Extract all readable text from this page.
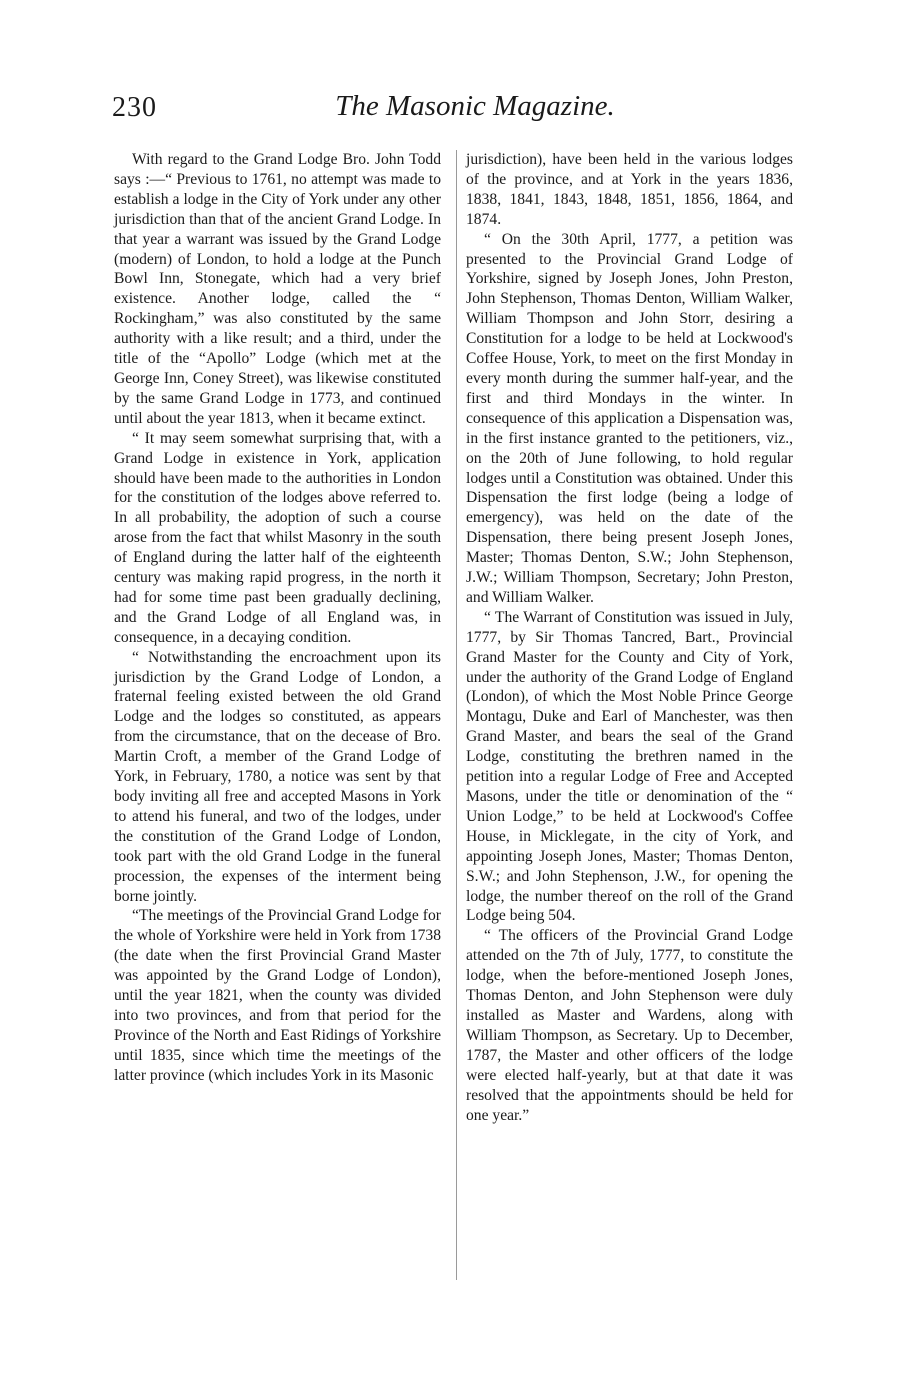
230	The Masonic Magazine.

With regard to the Grand Lodge Bro. John Todd says :—“ Previous to 1761, no attempt was made to establish a lodge in the City of York under any other jurisdiction than that of the ancient Grand Lodge. In that year a warrant was issued by the Grand Lodge (modern) of London, to hold a lodge at the Punch Bowl Inn, Stonegate, which had a very brief existence. Another lodge, called the “ Rockingham,” was also constituted by the same authority with a like result; and a third, under the title of the “Apollo” Lodge (which met at the George Inn, Coney Street), was likewise constituted by the same Grand Lodge in 1773, and continued until about the year 1813, when it became extinct.

“ It may seem somewhat surprising that, with a Grand Lodge in existence in York, application should have been made to the authorities in London for the constitution of the lodges above referred to. In all probability, the adoption of such a course arose from the fact that whilst Masonry in the south of England during the latter half of the eighteenth century was making rapid progress, in the north it had for some time past been gradually declining, and the Grand Lodge of all England was, in consequence, in a decaying condition.

“ Notwithstanding the encroachment upon its jurisdiction by the Grand Lodge of London, a fraternal feeling existed between the old Grand Lodge and the lodges so constituted, as appears from the circumstance, that on the decease of Bro. Martin Croft, a member of the Grand Lodge of York, in February, 1780, a notice was sent by that body inviting all free and accepted Masons in York to attend his funeral, and two of the lodges, under the constitution of the Grand Lodge of London, took part with the old Grand Lodge in the funeral procession, the expenses of the interment being borne jointly.

“The meetings of the Provincial Grand Lodge for the whole of Yorkshire were held in York from 1738 (the date when the first Provincial Grand Master was appointed by the Grand Lodge of London), until the year 1821, when the county was divided into two provinces, and from that period for the Province of the North and East Ridings of Yorkshire until 1835, since which time the meetings of the latter province (which includes York in its Masonic

jurisdiction), have been held in the various lodges of the province, and at York in the years 1836, 1838, 1841, 1843, 1848, 1851, 1856, 1864, and 1874.

“ On the 30th April, 1777, a petition was presented to the Provincial Grand Lodge of Yorkshire, signed by Joseph Jones, John Preston, John Stephenson, Thomas Denton, William Walker, William Thompson and John Storr, desiring a Constitution for a lodge to be held at Lockwood's Coffee House, York, to meet on the first Monday in every month during the summer half-year, and the first and third Mondays in the winter. In consequence of this application a Dispensation was, in the first instance granted to the petitioners, viz., on the 20th of June following, to hold regular lodges until a Constitution was obtained. Under this Dispensation the first lodge (being a lodge of emergency), was held on the date of the Dispensation, there being present Joseph Jones, Master; Thomas Denton, S.W.; John Stephenson, J.W.; William Thompson, Secretary; John Preston, and William Walker.

“ The Warrant of Constitution was issued in July, 1777, by Sir Thomas Tancred, Bart., Provincial Grand Master for the County and City of York, under the authority of the Grand Lodge of England (London), of which the Most Noble Prince George Montagu, Duke and Earl of Manchester, was then Grand Master, and bears the seal of the Grand Lodge, constituting the brethren named in the petition into a regular Lodge of Free and Accepted Masons, under the title or denomination of the “ Union Lodge,” to be held at Lockwood's Coffee House, in Micklegate, in the city of York, and appointing Joseph Jones, Master; Thomas Denton, S.W.; and John Stephenson, J.W., for opening the lodge, the number thereof on the roll of the Grand Lodge being 504.

“ The officers of the Provincial Grand Lodge attended on the 7th of July, 1777, to constitute the lodge, when the before-mentioned Joseph Jones, Thomas Denton, and John Stephenson were duly installed as Master and Wardens, along with William Thompson, as Secretary. Up to December, 1787, the Master and other officers of the lodge were elected half-yearly, but at that date it was resolved that the appointments should be held for one year.”
